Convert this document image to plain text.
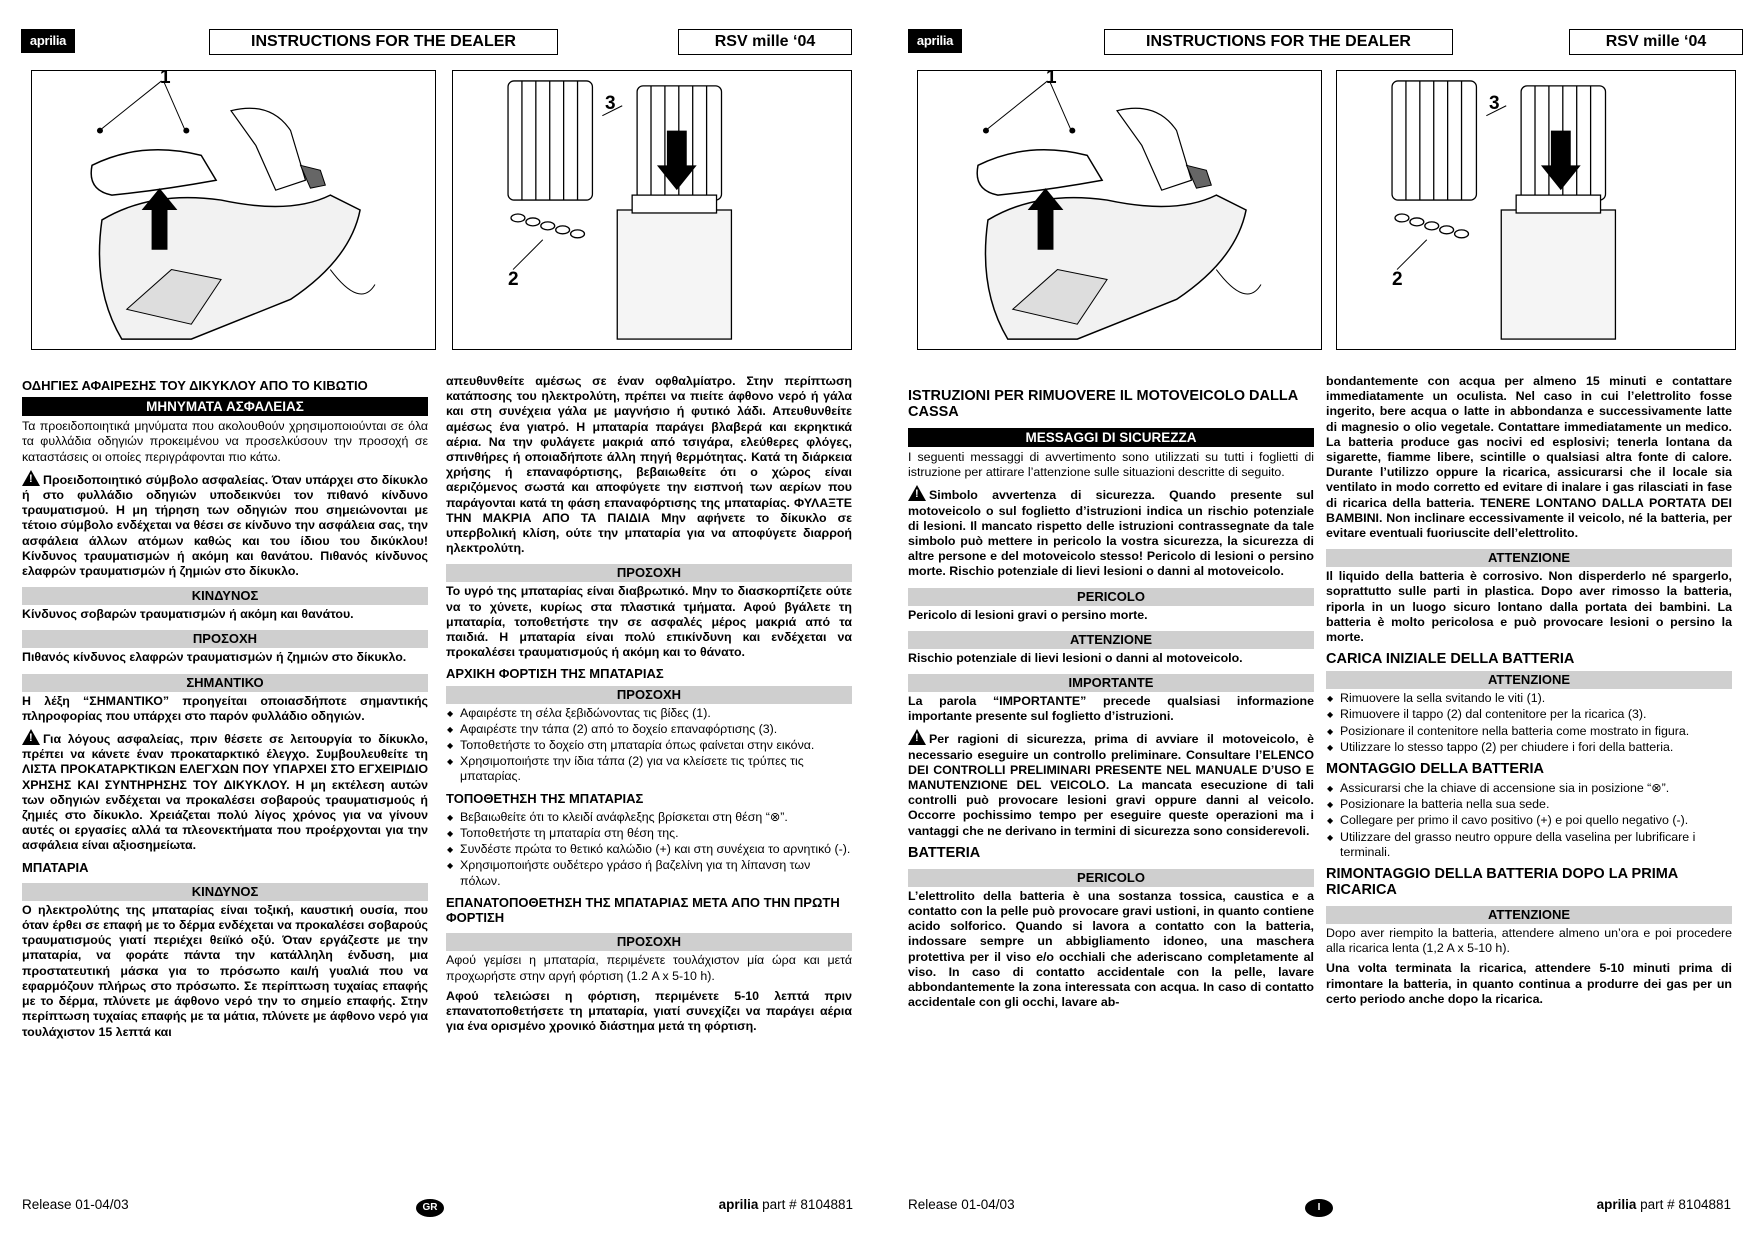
aprilia	INSTRUCTIONS FOR THE DEALER	RSV mille ‘04
1
3
2
ΟΔΗΓΙΕΣ ΑΦΑΙΡΕΣΗΣ ΤΟΥ ΔΙΚΥΚΛΟΥ ΑΠΟ ΤΟ ΚΙΒΩΤΙΟ
ΜΗΝΥΜΑΤΑ ΑΣΦΑΛΕΙΑΣ

Τα προειδοποιητικά μηνύματα που ακολουθούν χρησιμοποιούνται σε όλα τα φυλλάδια οδηγιών προκειμένου να προσελκύσουν την προσοχή σε καταστάσεις οι οποίες περιγράφονται πιο κάτω.

!Προειδοποιητικό σύμβολο ασφαλείας. Όταν υπάρχει στο δίκυκλο ή στο φυλλάδιο οδηγιών υποδεικνύει τον πιθανό κίνδυνο τραυματισμού. Η μη τήρηση των οδηγιών που σημειώνονται με τέτοιο σύμβολο ενδέχεται να θέσει σε κίνδυνο την ασφάλεια σας, την ασφάλεια άλλων ατόμων καθώς και του ίδιου του δικύκλου! Κίνδυνος τραυματισμών ή ακόμη και θανάτου. Πιθανός κίνδυνος ελαφρών τραυματισμών ή ζημιών στο δίκυκλο.

ΚΙΝΔΥΝΟΣ

Κίνδυνος σοβαρών τραυματισμών ή ακόμη και θανάτου.

ΠΡΟΣΟΧΗ

Πιθανός κίνδυνος ελαφρών τραυματισμών ή ζημιών στο δίκυκλο.

ΣΗΜΑΝΤΙΚΟ

Η λέξη “ΣΗΜΑΝΤΙΚΟ” προηγείται οποιασδήποτε σημαντικής πληροφορίας που υπάρχει στο παρόν φυλλάδιο οδηγιών.

!Για λόγους ασφαλείας, πριν θέσετε σε λειτουργία το δίκυκλο, πρέπει να κάνετε έναν προκαταρκτικό έλεγχο. Συμβουλευθείτε τη ΛΙΣΤΑ ΠΡΟΚΑΤΑΡΚΤΙΚΩΝ ΕΛΕΓΧΩΝ ΠΟΥ ΥΠΑΡΧΕΙ ΣΤΟ ΕΓΧΕΙΡΙΔΙΟ ΧΡΗΣΗΣ ΚΑΙ ΣΥΝΤΗΡΗΣΗΣ ΤΟΥ ΔΙΚΥΚΛΟΥ. Η μη εκτέλεση αυτών των οδηγιών ενδέχεται να προκαλέσει σοβαρούς τραυματισμούς ή ζημιές στο δίκυκλο. Χρειάζεται πολύ λίγος χρόνος για να γίνουν αυτές οι εργασίες αλλά τα πλεονεκτήματα που προέρχονται για την ασφάλεια είναι αξιοσημείωτα.

ΜΠΑΤΑΡΙΑ
ΚΙΝΔΥΝΟΣ

Ο ηλεκτρολύτης της μπαταρίας είναι τοξική, καυστική ουσία, που όταν έρθει σε επαφή με το δέρμα ενδέχεται να προκαλέσει σοβαρούς τραυματισμούς γιατί περιέχει θειϊκό οξύ. Όταν εργάζεστε με την μπαταρία, να φοράτε πάντα την κατάλληλη ένδυση, μια προστατευτική μάσκα για το πρόσωπο και/ή γυαλιά που να εφαρμόζουν πλήρως στο πρόσωπο. Σε περίπτωση τυχαίας επαφής με το δέρμα, πλύνετε με άφθονο νερό την το σημείο επαφής. Στην περίπτωση τυχαίας επαφής με τα μάτια, πλύνετε με άφθονο νερό για τουλάχιστον 15 λεπτά και

απευθυνθείτε αμέσως σε έναν οφθαλμίατρο. Στην περίπτωση κατάποσης του ηλεκτρολύτη, πρέπει να πιείτε άφθονο νερό ή γάλα και στη συνέχεια γάλα με μαγνήσιο ή φυτικό λάδι. Απευθυνθείτε αμέσως ένα γιατρό. Η μπαταρία παράγει βλαβερά και εκρηκτικά αέρια. Να την φυλάγετε μακριά από τσιγάρα, ελεύθερες φλόγες, σπινθήρες ή οποιαδήποτε άλλη πηγή θερμότητας. Κατά τη διάρκεια χρήσης ή επαναφόρτισης, βεβαιωθείτε ότι ο χώρος είναι αεριζόμενος σωστά και αποφύγετε την εισπνοή των αερίων που παράγονται κατά τη φάση επαναφόρτισης της μπαταρίας. ΦΥΛΑΞΤΕ ΤΗΝ ΜΑΚΡΙΑ ΑΠΟ ΤΑ ΠΑΙΔΙΑ Μην αφήνετε το δίκυκλο σε υπερβολική κλίση, ούτε την μπαταρία για να αποφύγετε διαρροή ηλεκτρολύτη.

ΠΡΟΣΟΧΗ

Το υγρό της μπαταρίας είναι διαβρωτικό. Μην το διασκορπίζετε ούτε να το χύνετε, κυρίως στα πλαστικά τμήματα. Αφού βγάλετε τη μπαταρία, τοποθετήστε την σε ασφαλές μέρος μακριά από τα παιδιά. Η μπαταρία είναι πολύ επικίνδυνη και ενδέχεται να προκαλέσει τραυματισμούς ή ακόμη και το θάνατο.

ΑΡΧΙΚΗ ΦΟΡΤΙΣΗ ΤΗΣ ΜΠΑΤΑΡΙΑΣ
ΠΡΟΣΟΧΗ
◆ Αφαιρέστε τη σέλα ξεβιδώνοντας τις βίδες (1).
◆ Αφαιρέστε την τάπα (2) από το δοχείο επαναφόρτισης (3).
◆ Τοποθετήστε το δοχείο στη μπαταρία όπως φαίνεται στην εικόνα.
◆ Χρησιμοποιήστε την ίδια τάπα (2) για να κλείσετε τις τρύπες τις μπαταρίας.
ΤΟΠΟΘΕΤΗΣΗ ΤΗΣ ΜΠΑΤΑΡΙΑΣ
◆ Βεβαιωθείτε ότι το κλειδί ανάφλεξης βρίσκεται στη θέση “⊗”.
◆ Τοποθετήστε τη μπαταρία στη θέση της.
◆ Συνδέστε πρώτα το θετικό καλώδιο (+) και στη συνέχεια το αρνητικό (-).
◆ Χρησιμοποιήστε ουδέτερο γράσο ή βαζελίνη για τη λίπανση των πόλων.
ΕΠΑΝΑΤΟΠΟΘΕΤΗΣΗ ΤΗΣ ΜΠΑΤΑΡΙΑΣ ΜΕΤΑ ΑΠΟ ΤΗΝ ΠΡΩΤΗ ΦΟΡΤΙΣΗ
ΠΡΟΣΟΧΗ

Αφού γεμίσει η μπαταρία, περιμένετε τουλάχιστον μία ώρα και μετά προχωρήστε στην αργή φόρτιση (1.2 A x 5-10 h).

Αφού τελειώσει η φόρτιση, περιμένετε 5-10 λεπτά πριν επανατοποθετήσετε τη μπαταρία, γιατί συνεχίζει να παράγει αέρια για ένα ορισμένο χρονικό διάστημα μετά τη φόρτιση.

Release 01-04/03	GR	aprilia part # 8104881
aprilia	INSTRUCTIONS FOR THE DEALER	RSV mille ‘04
1
3
2
ISTRUZIONI PER RIMUOVERE IL MOTOVEICOLO DALLA CASSA
MESSAGGI DI SICUREZZA

I seguenti messaggi di avvertimento sono utilizzati su tutti i foglietti di istruzione per attirare l’attenzione sulle situazioni descritte di seguito.

!Simbolo avvertenza di sicurezza. Quando presente sul motoveicolo o sul foglietto d’istruzioni indica un rischio potenziale di lesioni. Il mancato rispetto delle istruzioni contrassegnate da tale simbolo può mettere in pericolo la vostra sicurezza, la sicurezza di altre persone e del motoveicolo stesso! Pericolo di lesioni o persino morte. Rischio potenziale di lievi lesioni o danni al motoveicolo.

PERICOLO

Pericolo di lesioni gravi o persino morte.

ATTENZIONE

Rischio potenziale di lievi lesioni o danni al motoveicolo.

IMPORTANTE

La parola “IMPORTANTE” precede qualsiasi informazione importante presente sul foglietto d’istruzioni.

!Per ragioni di sicurezza, prima di avviare il motoveicolo, è necessario eseguire un controllo preliminare. Consultare l’ELENCO DEI CONTROLLI PRELIMINARI PRESENTE NEL MANUALE D’USO E MANUTENZIONE DEL VEICOLO. La mancata esecuzione di tali controlli può provocare lesioni gravi oppure danni al veicolo. Occorre pochissimo tempo per eseguire queste operazioni ma i vantaggi che ne derivano in termini di sicurezza sono considerevoli.

BATTERIA
PERICOLO

L’elettrolito della batteria è una sostanza tossica, caustica e a contatto con la pelle può provocare gravi ustioni, in quanto contiene acido solforico. Quando si lavora a contatto con la batteria, indossare sempre un abbigliamento idoneo, una maschera protettiva per il viso e/o occhiali che aderiscano completamente al viso. In caso di contatto accidentale con la pelle, lavare abbondantemente la zona interessata con acqua. In caso di contatto accidentale con gli occhi, lavare ab-

bondantemente con acqua per almeno 15 minuti e contattare immediatamente un oculista. Nel caso in cui l’elettrolito fosse ingerito, bere acqua o latte in abbondanza e successivamente latte di magnesio o olio vegetale. Contattare immediatamente un medico. La batteria produce gas nocivi ed esplosivi; tenerla lontana da sigarette, fiamme libere, scintille o qualsiasi altra fonte di calore. Durante l’utilizzo oppure la ricarica, assicurarsi che il locale sia ventilato in modo corretto ed evitare di inalare i gas rilasciati in fase di ricarica della batteria. TENERE LONTANO DALLA PORTATA DEI BAMBINI. Non inclinare eccessivamente il veicolo, né la batteria, per evitare eventuali fuoriuscite dell’elettrolito.

ATTENZIONE

Il liquido della batteria è corrosivo. Non disperderlo né spargerlo, soprattutto sulle parti in plastica. Dopo aver rimosso la batteria, riporla in un luogo sicuro lontano dalla portata dei bambini. La batteria è molto pericolosa e può provocare lesioni o persino la morte.

CARICA INIZIALE DELLA BATTERIA
ATTENZIONE
◆ Rimuovere la sella svitando le viti (1).
◆ Rimuovere il tappo (2) dal contenitore per la ricarica (3).
◆ Posizionare il contenitore nella batteria come mostrato in figura.
◆ Utilizzare lo stesso tappo (2) per chiudere i fori della batteria.
MONTAGGIO DELLA BATTERIA
◆ Assicurarsi che la chiave di accensione sia in posizione “⊗”.
◆ Posizionare la batteria nella sua sede.
◆ Collegare per primo il cavo positivo (+) e poi quello negativo (-).
◆ Utilizzare del grasso neutro oppure della vaselina per lubrificare i terminali.
RIMONTAGGIO DELLA BATTERIA DOPO LA PRIMA RICARICA
ATTENZIONE

Dopo aver riempito la batteria, attendere almeno un’ora e poi procedere alla ricarica lenta (1,2 A x 5-10 h).

Una volta terminata la ricarica, attendere 5-10 minuti prima di rimontare la batteria, in quanto continua a produrre dei gas per un certo periodo anche dopo la ricarica.

Release 01-04/03	I	aprilia part # 8104881
